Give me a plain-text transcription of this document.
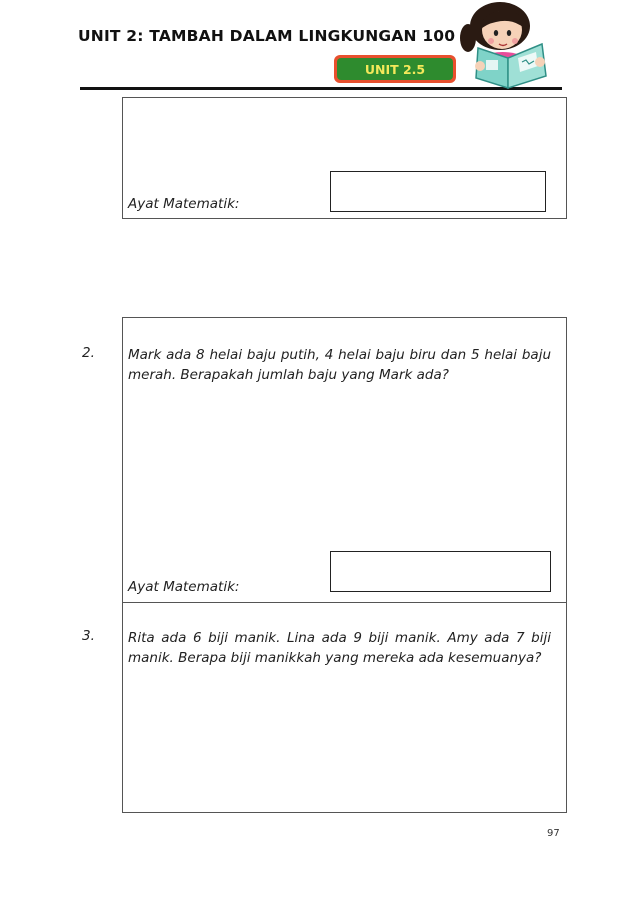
UNIT 2: TAMBAH DALAM LINGKUNGAN 100
UNIT 2.5
Ayat Matematik:
2. Mark ada 8 helai baju putih, 4 helai baju biru dan 5 helai baju merah. Berapakah jumlah baju yang Mark ada?
Ayat Matematik:
3. Rita ada 6 biji manik. Lina ada 9 biji manik. Amy ada 7 biji manik. Berapa biji manikkah yang mereka ada kesemuanya?
97
